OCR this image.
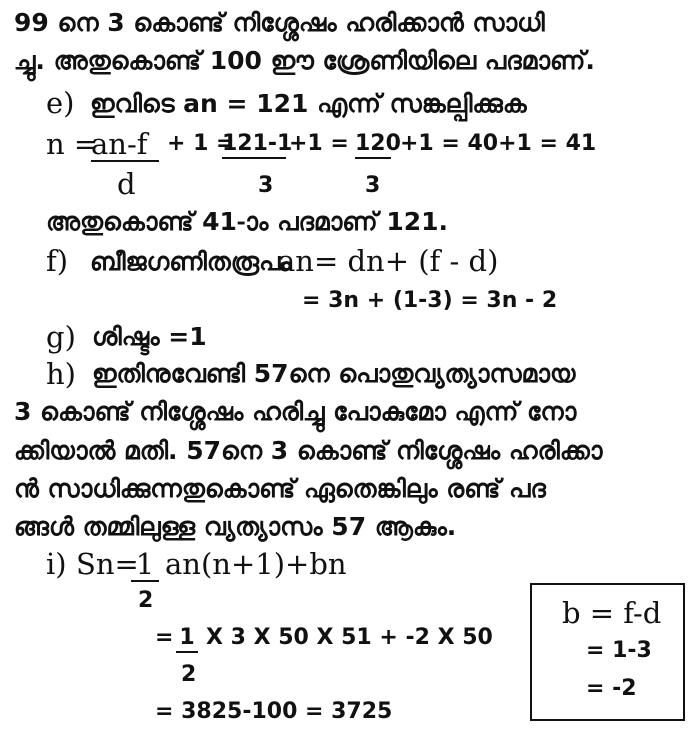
99 നെ 3 കൊണ്ട് നിശ്ശേഷം ഹരിക്കാൻ സാധി
ച്ചു. അതുകൊണ്ട് 100 ഈ ശ്രേണിയിലെ പദമാണ്.
e) ഇവിടെ an = 121 എന്ന് സങ്കല്പിക്കുക
n =
an-f
d
+ 1 =
121-1
+1 =
3
120 +1 = 40+1 = 41
3
അതുകൊണ്ട് 41-ാം പദമാണ് 121.
f) ബീജഗണിതരൂപം
an= dn+ (f - d)
= 3n + (1-3) = 3n - 2
g) ശിഷ്ടം =1
h) ഇതിനുവേണ്ടി 57നെ പൊതുവ്യത്യാസമായ
3 കൊണ്ട് നിശ്ശേഷം ഹരിച്ചു പോകുമോ എന്ന് നോ
ക്കിയാൽ മതി. 57നെ 3 കൊണ്ട് നിശ്ശേഷം ഹരിക്കാ
ൻ സാധിക്കുന്നതുകൊണ്ട് ഏതെങ്കിലും രണ്ട് പദ
ങ്ങൾ തമ്മിലുള്ള വ്യത്യാസം 57 ആകും.
i) Sn=
1
2
an(n+1)+bn
= 1 X 3 X 50 X 51 + -2 X 50
2
= 3825-100 = 3725
b = f-d
= 1-3
= -2
